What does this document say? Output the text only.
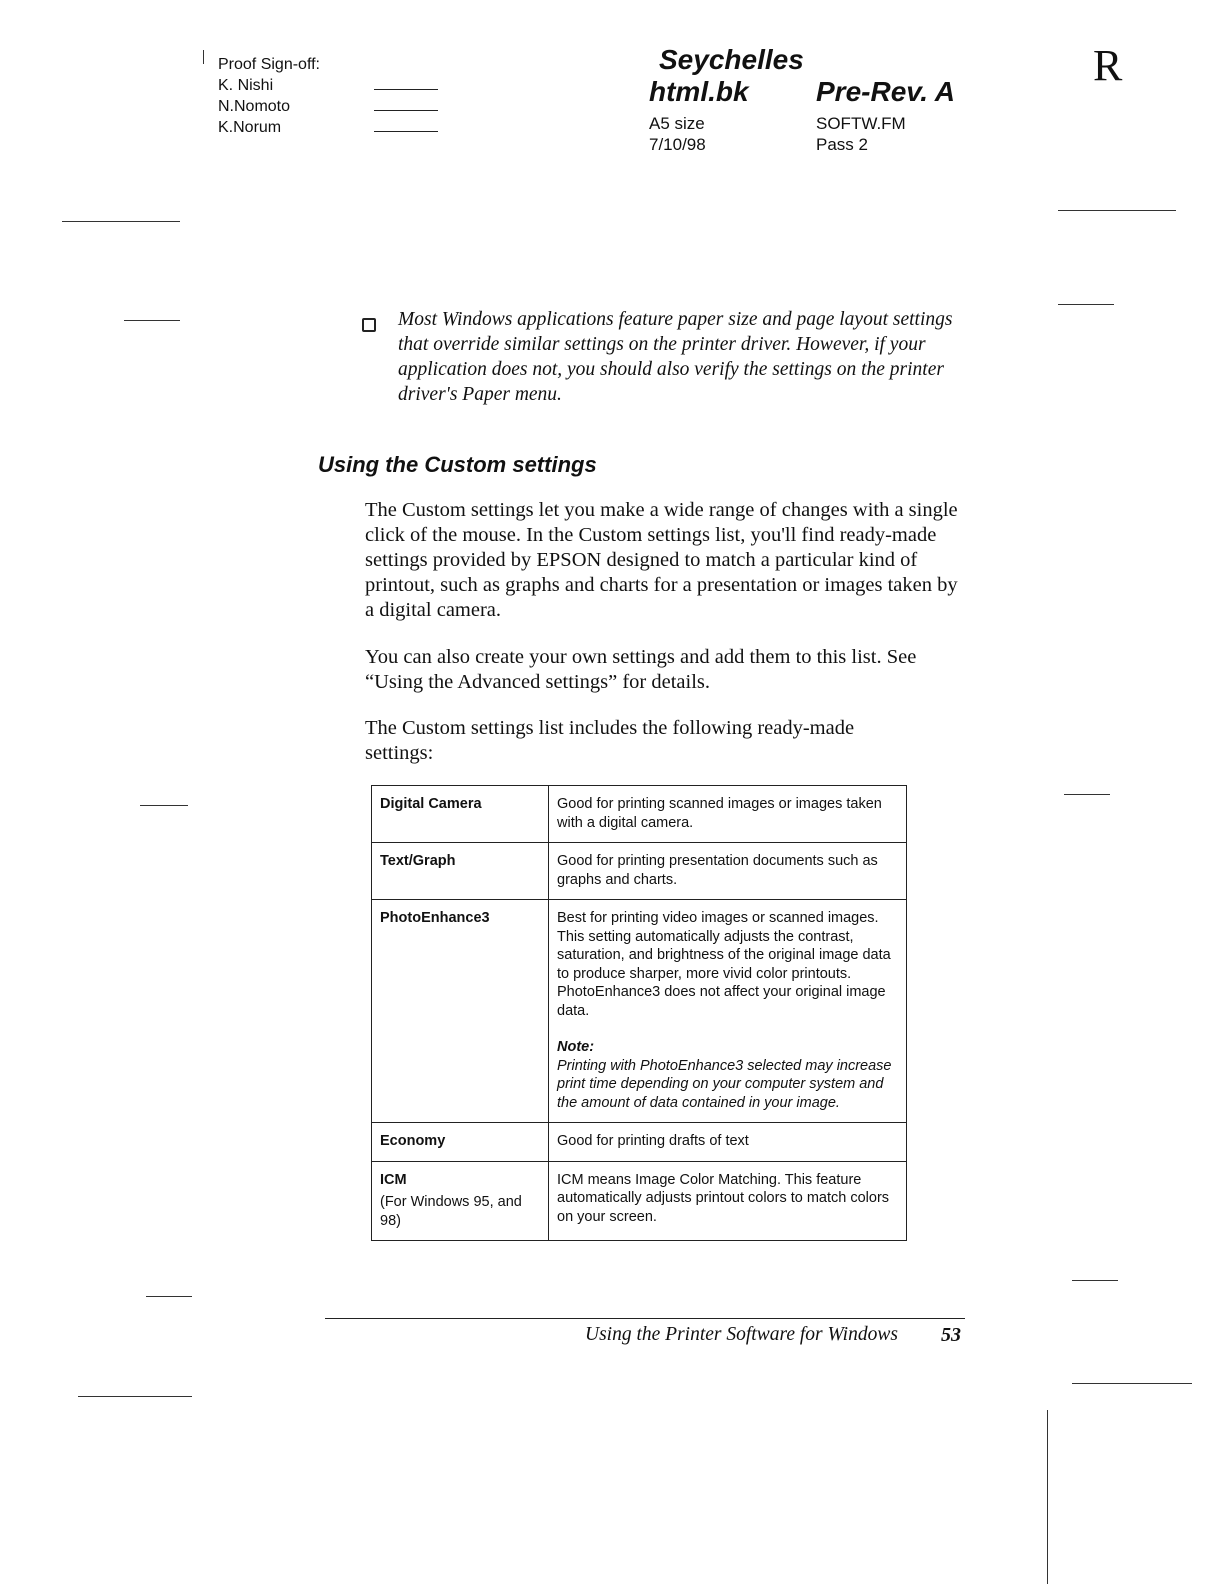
Proof Sign-off:
K. Nishi
N.Nomoto
K.Norum
Seychelles
html.bk Pre-Rev. A
A5 size
7/10/98
SOFTW.FM
Pass 2
R
Most Windows applications feature paper size and page layout settings that override similar settings on the printer driver. However, if your application does not, you should also verify the settings on the printer driver's Paper menu.
Using the Custom settings
The Custom settings let you make a wide range of changes with a single click of the mouse. In the Custom settings list, you'll find ready-made settings provided by EPSON designed to match a particular kind of printout, such as graphs and charts for a presentation or images taken by a digital camera.
You can also create your own settings and add them to this list. See “Using the Advanced settings” for details.
The Custom settings list includes the following ready-made settings:
Digital Camera	Good for printing scanned images or images taken with a digital camera.
Text/Graph	Good for printing presentation documents such as graphs and charts.
PhotoEnhance3	Best for printing video images or scanned images. This setting automatically adjusts the contrast, saturation, and brightness of the original image data to produce sharper, more vivid color printouts. PhotoEnhance3 does not affect your original image data.
Note:
Printing with PhotoEnhance3 selected may increase print time depending on your computer system and the amount of data contained in your image.

Economy	Good for printing drafts of text
ICM
(For Windows 95, and 98)	ICM means Image Color Matching. This feature automatically adjusts printout colors to match colors on your screen.
Using the Printer Software for Windows 53
